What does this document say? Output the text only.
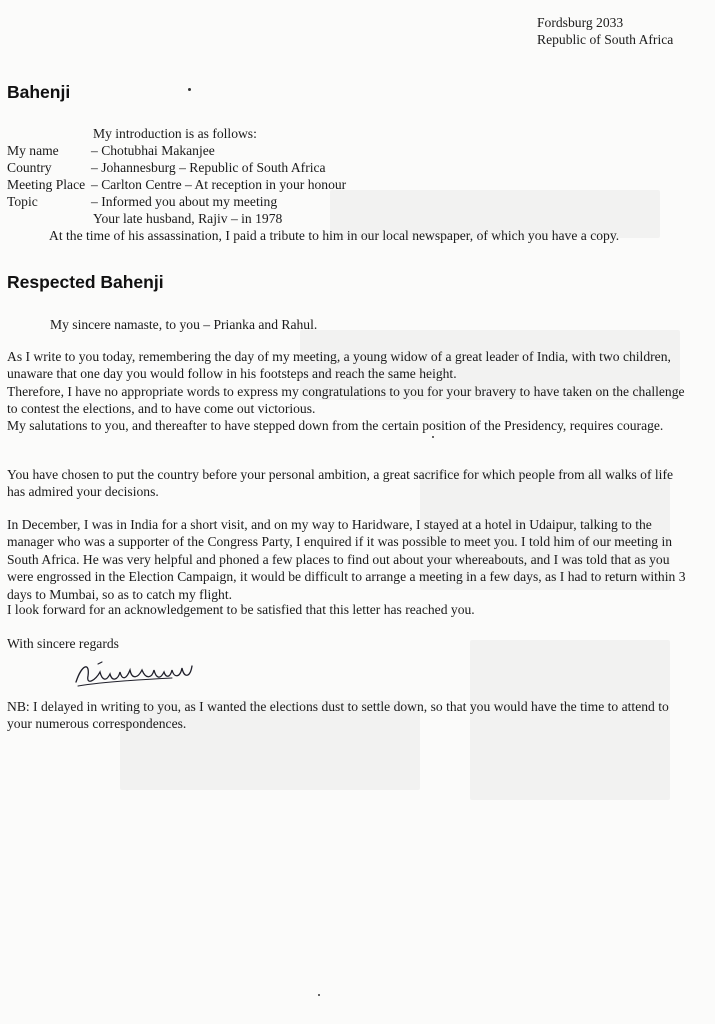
Fordsburg 2033
Republic of South Africa
Bahenji
My introduction is as follows:
My name – Chotubhai Makanjee
Country	– Johannesburg – Republic of South Africa
Meeting Place – Carlton Centre – At reception in your honour
Topic	– Informed you about my meeting
Your late husband, Rajiv – in 1978
At the time of his assassination, I paid a tribute to him in our local newspaper, of which you have a copy.
Respected Bahenji
My sincere namaste, to you – Prianka and Rahul.
As I write to you today, remembering the day of my meeting, a young widow of a great leader of India, with two children, unaware that one day you would follow in his footsteps and reach the same height.
Therefore, I have no appropriate words to express my congratulations to you for your bravery to have taken on the challenge to contest the elections, and to have come out victorious.
My salutations to you, and thereafter to have stepped down from the certain position of the Presidency, requires courage.
You have chosen to put the country before your personal ambition, a great sacrifice for which people from all walks of life has admired your decisions.
In December, I was in India for a short visit, and on my way to Haridware, I stayed at a hotel in Udaipur, talking to the manager who was a supporter of the Congress Party, I enquired if it was possible to meet you. I told him of our meeting in South Africa. He was very helpful and phoned a few places to find out about your whereabouts, and I was told that as you were engrossed in the Election Campaign, it would be difficult to arrange a meeting in a few days, as I had to return within 3 days to Mumbai, so as to catch my flight.
I look forward for an acknowledgement to be satisfied that this letter has reached you.
With sincere regards
NB: I delayed in writing to you, as I wanted the elections dust to settle down, so that you would have the time to attend to your numerous correspondences.
